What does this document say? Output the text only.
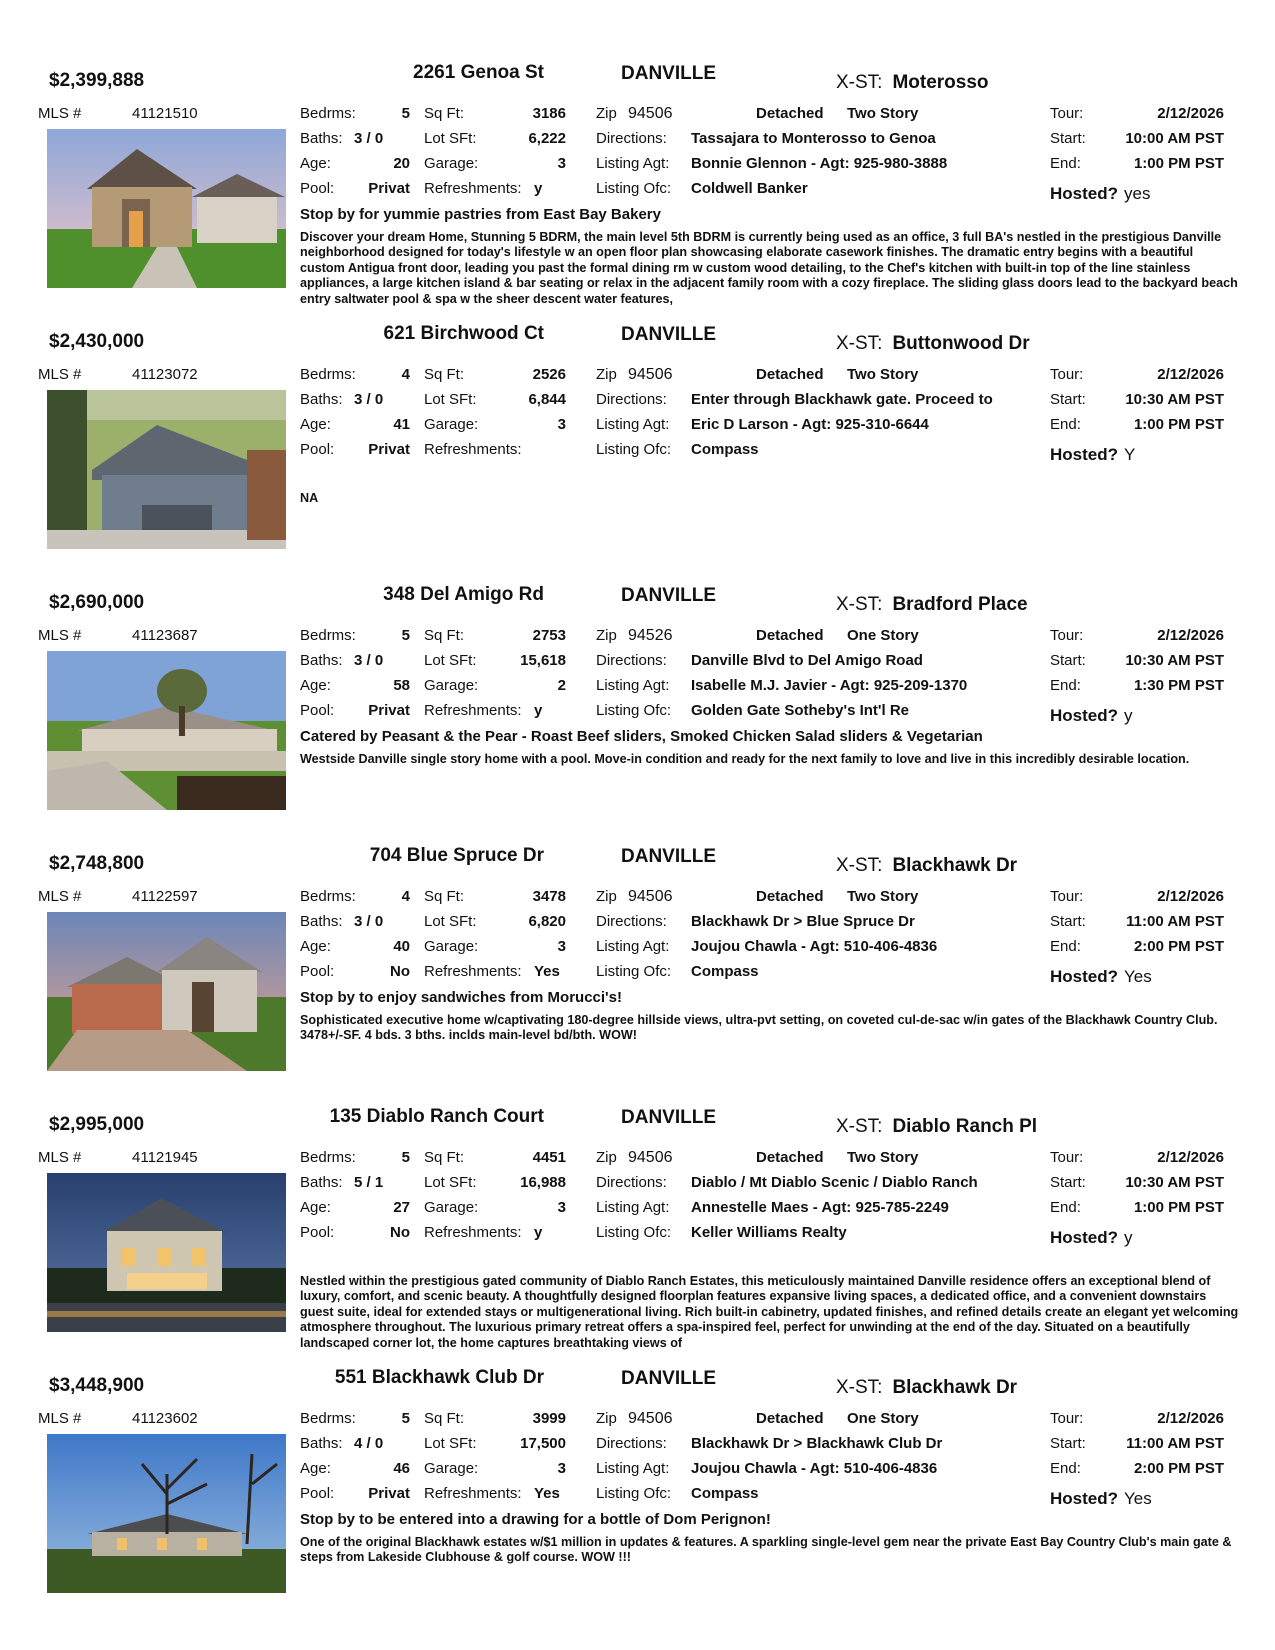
$2,399,888	2261 Genoa St	DANVILLE	X-ST: Moterosso
MLS #	41121510	Bedrms:	5
Baths: 3 / 0
Age:	20
Pool:	Privat
Sq Ft:	3186
Lot SFt:	6,222
Garage:	3
Refreshments: y
Zip 94506	Detached Two Story
Directions: Tassajara to Monterosso to Genoa
Listing Agt: Bonnie Glennon - Agt: 925-980-3888
Listing Ofc: Coldwell Banker
Tour:	2/12/2026
Start:	10:00 AM PST
End:	1:00 PM PST
Hosted? yes
Stop by for yummie pastries from East Bay Bakery
Discover your dream Home, Stunning 5 BDRM, the main level 5th BDRM is currently being used as an office, 3 full BA's nestled in the prestigious Danville neighborhood designed for today's lifestyle w an open floor plan showcasing elaborate casework finishes. The dramatic entry begins with a beautiful custom Antigua front door, leading you past the formal dining rm w custom wood detailing, to the Chef's kitchen with built-in top of the line stainless appliances, a large kitchen island & bar seating or relax in the adjacent family room with a cozy fireplace. The sliding glass doors lead to the backyard beach entry saltwater pool & spa w the sheer descent water features,
$2,430,000	621 Birchwood Ct	DANVILLE	X-ST: Buttonwood Dr
MLS #	41123072	Bedrms:	4
Baths: 3 / 0
Age:	41
Pool:	Privat
Sq Ft:	2526
Lot SFt:	6,844
Garage:	3
Refreshments:
Zip 94506	Detached Two Story
Directions: Enter through Blackhawk gate. Proceed to
Listing Agt: Eric D Larson - Agt: 925-310-6644
Listing Ofc: Compass
Tour:	2/12/2026
Start:	10:30 AM PST
End:	1:00 PM PST
Hosted? Y
NA
$2,690,000	348 Del Amigo Rd	DANVILLE	X-ST: Bradford Place
MLS #	41123687	Bedrms:	5
Baths: 3 / 0
Age:	58
Pool:	Privat
Sq Ft:	2753
Lot SFt:	15,618
Garage:	2
Refreshments: y
Zip 94526	Detached One Story
Directions: Danville Blvd to Del Amigo Road
Listing Agt: Isabelle M.J. Javier - Agt: 925-209-1370
Listing Ofc: Golden Gate Sotheby's Int'l Re
Tour:	2/12/2026
Start:	10:30 AM PST
End:	1:30 PM PST
Hosted? y
Catered by Peasant & the Pear - Roast Beef sliders, Smoked Chicken Salad sliders & Vegetarian
Westside Danville single story home with a pool. Move-in condition and ready for the next family to love and live in this incredibly desirable location.
$2,748,800	704 Blue Spruce Dr	DANVILLE	X-ST: Blackhawk Dr
MLS #	41122597	Bedrms:	4
Baths: 3 / 0
Age:	40
Pool:	No
Sq Ft:	3478
Lot SFt:	6,820
Garage:	3
Refreshments: Yes
Zip 94506	Detached Two Story
Directions: Blackhawk Dr > Blue Spruce Dr
Listing Agt: Joujou Chawla - Agt: 510-406-4836
Listing Ofc: Compass
Tour:	2/12/2026
Start:	11:00 AM PST
End:	2:00 PM PST
Hosted? Yes
Stop by to enjoy sandwiches from Morucci's!
Sophisticated executive home w/captivating 180-degree hillside views, ultra-pvt setting, on coveted cul-de-sac w/in gates of the Blackhawk Country Club. 3478+/-SF. 4 bds. 3 bths. inclds main-level bd/bth. WOW!
$2,995,000	135 Diablo Ranch Court	DANVILLE	X-ST: Diablo Ranch Pl
MLS #	41121945	Bedrms:	5
Baths: 5 / 1
Age:	27
Pool:	No
Sq Ft:	4451
Lot SFt:	16,988
Garage:	3
Refreshments: y
Zip 94506	Detached Two Story
Directions: Diablo / Mt Diablo Scenic / Diablo Ranch
Listing Agt: Annestelle Maes - Agt: 925-785-2249
Listing Ofc: Keller Williams Realty
Tour:	2/12/2026
Start:	10:30 AM PST
End:	1:00 PM PST
Hosted? y
Nestled within the prestigious gated community of Diablo Ranch Estates, this meticulously maintained Danville residence offers an exceptional blend of luxury, comfort, and scenic beauty. A thoughtfully designed floorplan features expansive living spaces, a dedicated office, and a convenient downstairs guest suite, ideal for extended stays or multigenerational living. Rich built-in cabinetry, updated finishes, and refined details create an elegant yet welcoming atmosphere throughout. The luxurious primary retreat offers a spa-inspired feel, perfect for unwinding at the end of the day. Situated on a beautifully landscaped corner lot, the home captures breathtaking views of
$3,448,900	551 Blackhawk Club Dr	DANVILLE	X-ST: Blackhawk Dr
MLS #	41123602	Bedrms:	5
Baths: 4 / 0
Age:	46
Pool:	Privat
Sq Ft:	3999
Lot SFt:	17,500
Garage:	3
Refreshments: Yes
Zip 94506	Detached One Story
Directions: Blackhawk Dr > Blackhawk Club Dr
Listing Agt: Joujou Chawla - Agt: 510-406-4836
Listing Ofc: Compass
Tour:	2/12/2026
Start:	11:00 AM PST
End:	2:00 PM PST
Hosted? Yes
Stop by to be entered into a drawing for a bottle of Dom Perignon!
One of the original Blackhawk estates w/$1 million in updates & features. A sparkling single-level gem near the private East Bay Country Club's main gate & steps from Lakeside Clubhouse & golf course. WOW !!!
